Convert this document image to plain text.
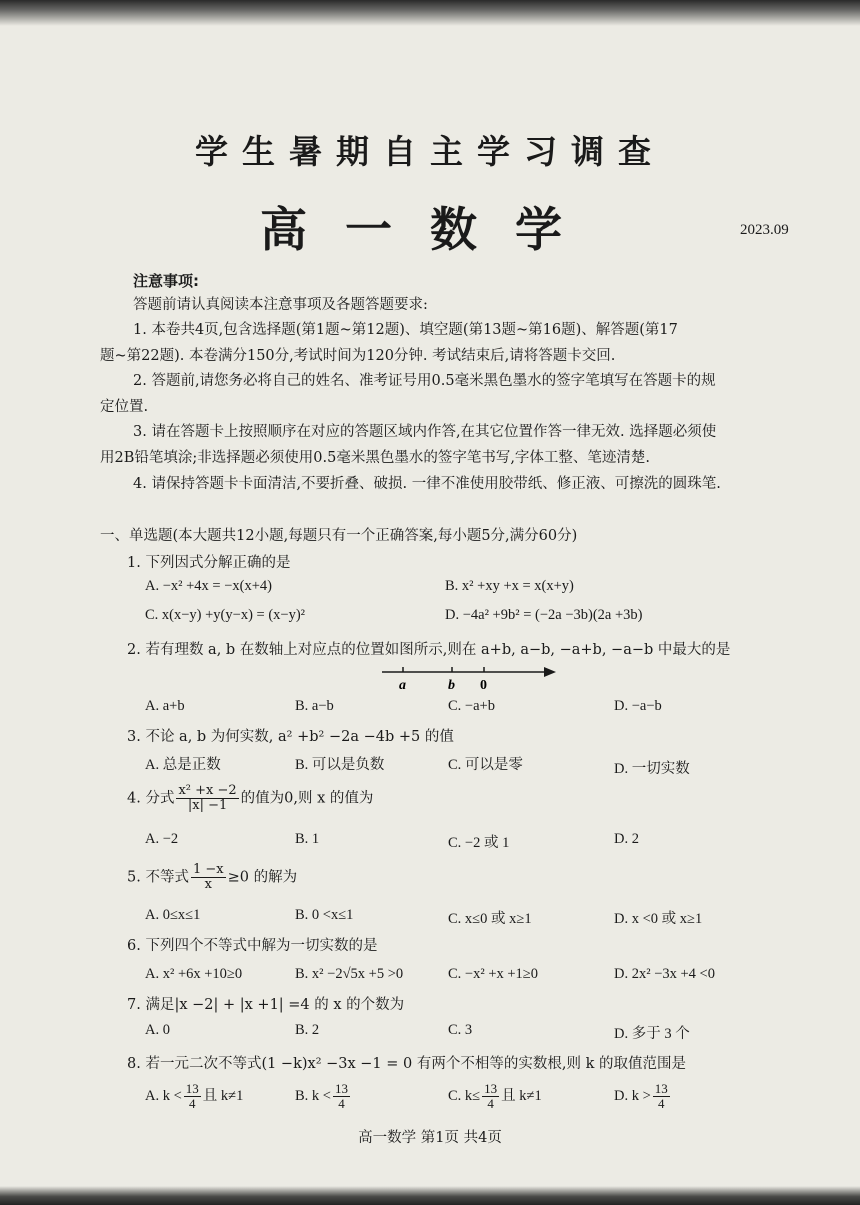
学生暑期自主学习调查
高一数学	2023.09
注意事项:
答题前请认真阅读本注意事项及各题答题要求:
1. 本卷共4页,包含选择题(第1题~第12题)、填空题(第13题~第16题)、解答题(第17
题~第22题). 本卷满分150分,考试时间为120分钟. 考试结束后,请将答题卡交回.
2. 答题前,请您务必将自己的姓名、准考证号用0.5毫米黑色墨水的签字笔填写在答题卡的规
定位置.
3. 请在答题卡上按照顺序在对应的答题区域内作答,在其它位置作答一律无效. 选择题必须使
用2B铅笔填涂;非选择题必须使用0.5毫米黑色墨水的签字笔书写,字体工整、笔迹清楚.
4. 请保持答题卡卡面清洁,不要折叠、破损. 一律不准使用胶带纸、修正液、可擦洗的圆珠笔.
一、单选题(本大题共12小题,每题只有一个正确答案,每小题5分,满分60分)
1. 下列因式分解正确的是
A. −x² +4x = −x(x+4)	B. x² +xy +x = x(x+y)
C. x(x−y) +y(y−x) = (x−y)²	D. −4a² +9b² = (−2a −3b)(2a +3b)
2. 若有理数 a, b 在数轴上对应点的位置如图所示,则在 a+b, a−b, −a+b, −a−b 中最大的是
a	b 0
A. a+b	B. a−b	C. −a+b	D. −a−b
3. 不论 a, b 为何实数, a² +b² −2a −4b +5 的值
A. 总是正数	B. 可以是负数	C. 可以是零	D. 一切实数
4. 分式 $\frac{\text{x² +x −2}}{|x| -1}$ 的值为0,则 x 的值为
A. −2	B. 1	C. −2 或 1	D. 2
5. 不等式 $\frac{1 -x}{x} \ge 0$ 的解为
A. 0≤x≤1	B. 0 <x≤1	C. x≤0 或 x≥1	D. x <0 或 x≥1
6. 下列四个不等式中解为一切实数的是
A. x² +6x +10≥0	B. x² −2√5x +5 >0	C. −x² +x +1≥0	D. 2x² −3x +4 <0
7. 满足|x −2| + |x +1| =4 的 x 的个数为
A. 0	B. 2	C. 3	D. 多于 3 个
8. 若一元二次不等式(1 −k)x² −3x −1 = 0 有两个不相等的实数根,则 k 的取值范围是
A. $k < \frac{13}{4}$ 且 k≠1	B. $k < \frac{13}{4}$	C. $k\le \frac{13}{4}$ 且 k≠1	D. $k > \frac{13}{4}$
高一数学 第1页 共4页
